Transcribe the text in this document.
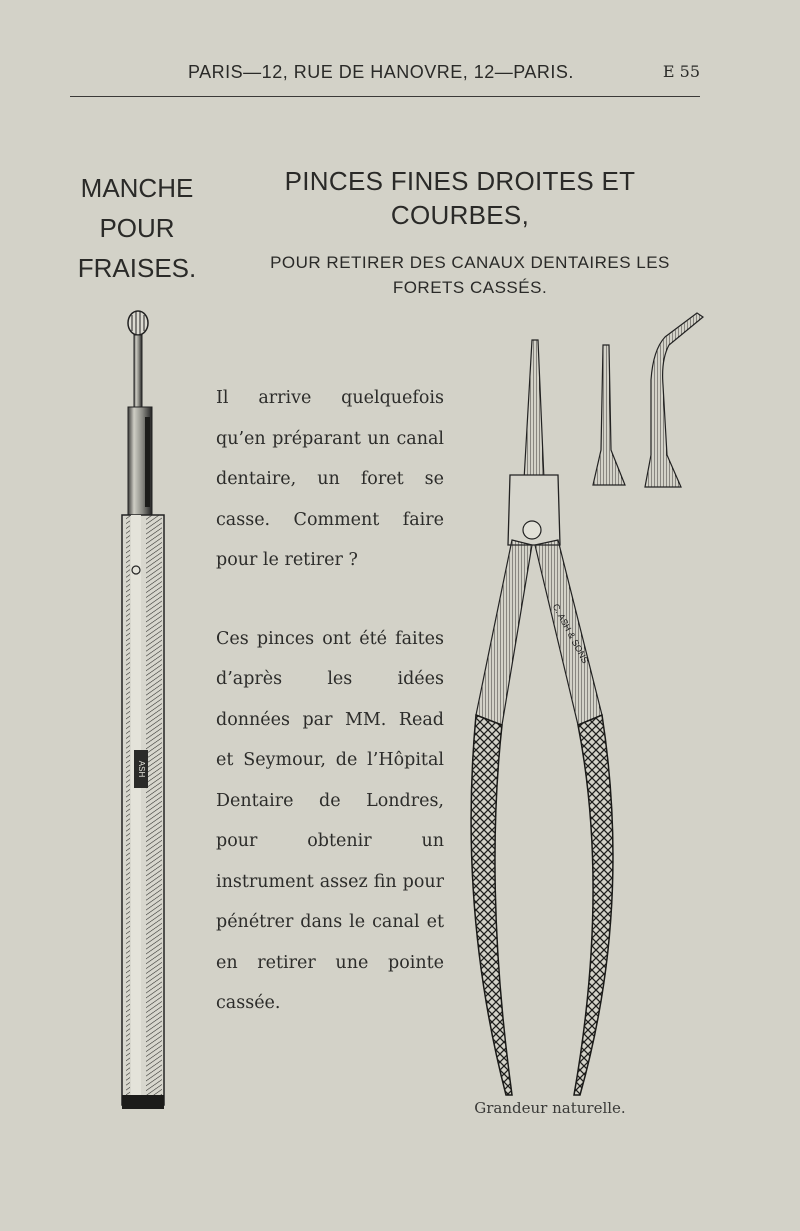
PARIS—12, RUE DE HANOVRE, 12—PARIS.	E 55
MANCHE
POUR
FRAISES.
PINCES FINES DROITES ET
COURBES,
POUR RETIRER DES CANAUX DENTAIRES LES
FORETS CASSÉS.

Il arrive quelquefois qu’en préparant un canal dentaire, un foret se casse. Comment faire pour le retirer ?

Ces pinces ont été faites d’après les idées données par MM. Read et Seymour, de l’Hôpital Dentaire de Londres, pour obtenir un instrument assez fin pour pénétrer dans le canal et en retirer une pointe cassée.

ASH
C. ASH & SONS
Grandeur naturelle.
